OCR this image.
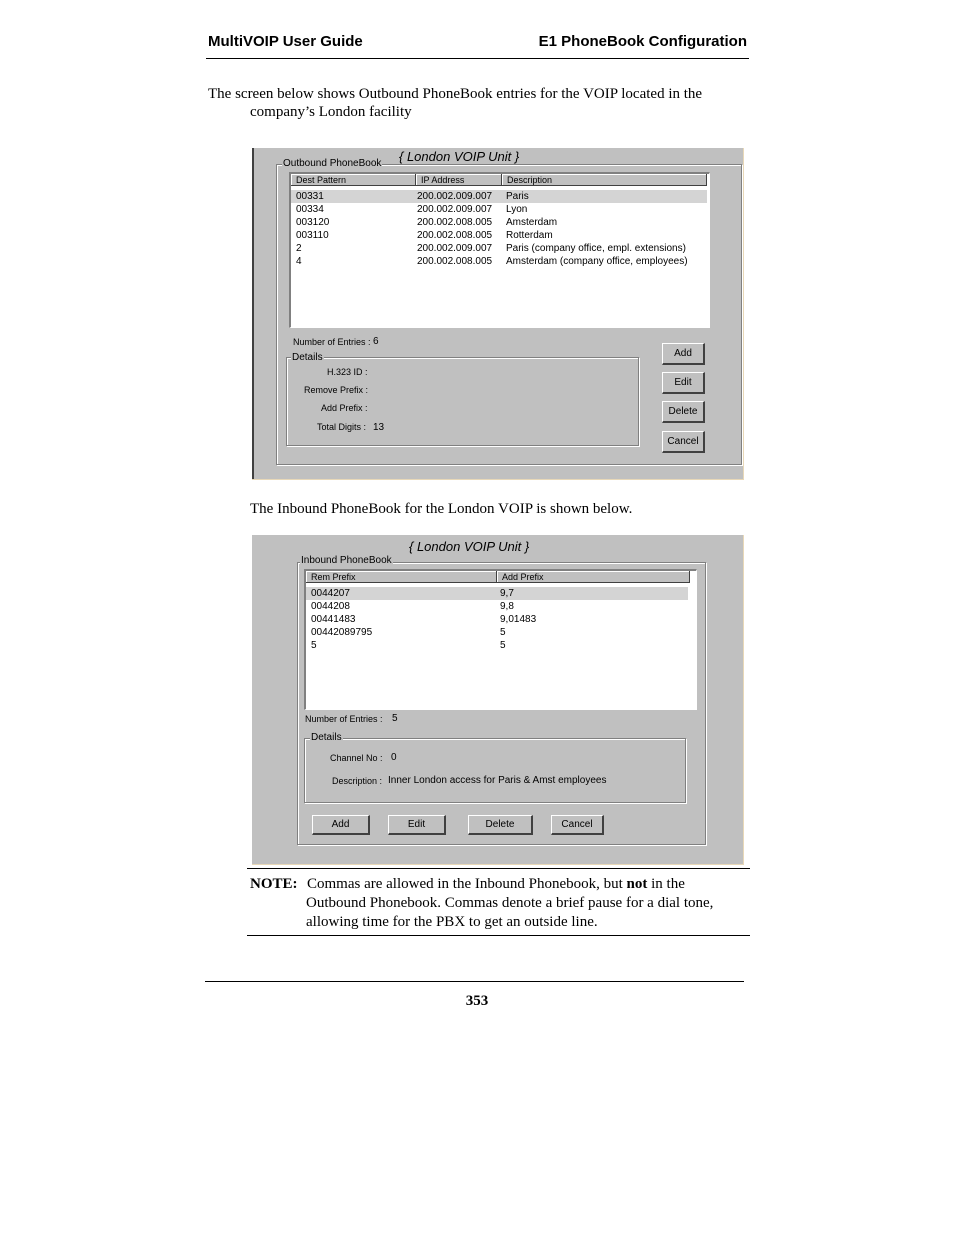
MultiVOIP User Guide	E1 PhoneBook Configuration
The screen below shows Outbound PhoneBook entries for the VOIP located in the
company’s London facility
{ London VOIP Unit }
Outbound PhoneBook
Dest Pattern	IP Address	Description
00331	200.002.009.007 Paris
00334	200.002.009.007 Lyon
003120	200.002.008.005 Amsterdam
003110	200.002.008.005 Rotterdam
2	200.002.009.007 Paris (company office, empl. extensions)
4	200.002.008.005 Amsterdam (company office, employees)
Number of Entries : 6
Details
H.323 ID :
Remove Prefix :
Add Prefix :
Total Digits : 13
Add
Edit
Delete
Cancel
The Inbound PhoneBook for the London VOIP is shown below.
{ London VOIP Unit }
Inbound PhoneBook
Rem Prefix	Add Prefix
0044207	9,7
0044208	9,8
00441483	9,01483
00442089795	5
5	5
Number of Entries : 5
Details
Channel No : 0
Description : Inner London access for Paris & Amst employees
Add	Edit	Delete	Cancel
NOTE: Commas are allowed in the Inbound Phonebook, but not in the
Outbound Phonebook. Commas denote a brief pause for a dial tone,
allowing time for the PBX to get an outside line.
353
